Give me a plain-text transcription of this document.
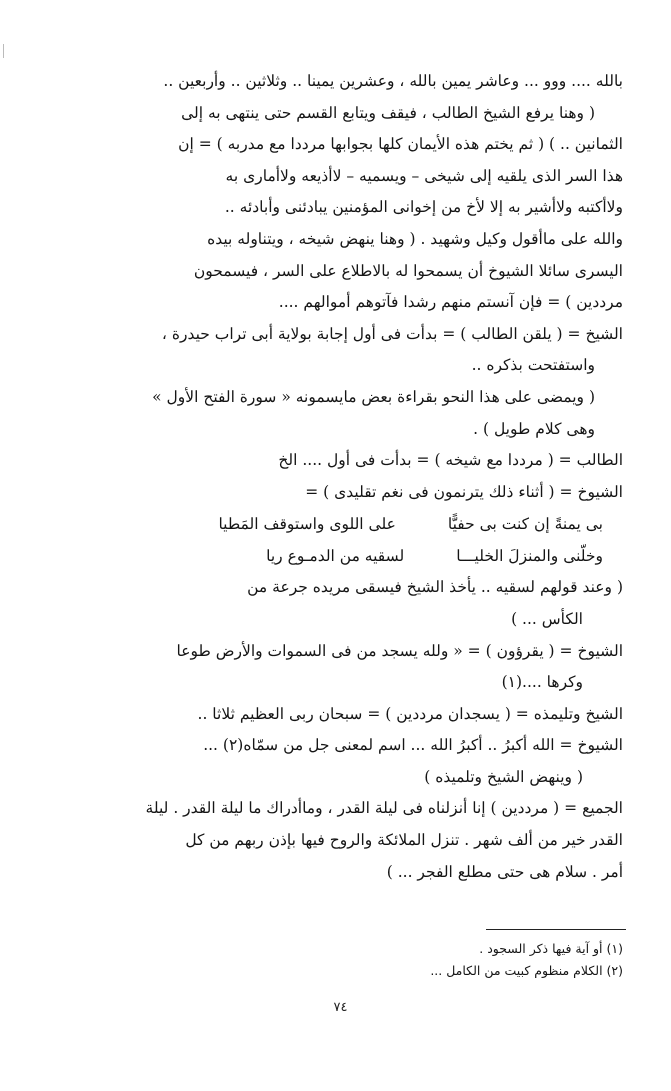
بالله .... ووو ... وعاشر يمين بالله ، وعشرين يمينا .. وثلاثين .. وأربعين ..
( وهنا يرفع الشيخ الطالب ، فيقف ويتابع القسم حتى ينتهى به إلى
الثمانين .. ) ( ثم يختم هذه الأيمان كلها بجوابها مرددا مع مدربه ) = إن
هذا السر الذى يلقيه إلى شيخى – ويسميه – لاأذيعه ولاأمارى به
ولاأكتبه ولاأشير به إلا لأخ من إخوانى المؤمنين يبادئنى وأبادئه ..
والله على ماأقول وكيل وشهيد . ( وهنا ينهض شيخه ، ويتناوله بيده
اليسرى سائلا الشيوخ أن يسمحوا له بالاطلاع على السر ، فيسمحون
مرددين ) = فإن آنستم منهم رشدا فآتوهم أموالهم ....
الشيخ = ( يلقن الطالب ) = بدأت فى أول إجابة بولاية أبى تراب حيدرة ،
واستفتحت بذكره ..
( ويمضى على هذا النحو بقراءة بعض مايسمونه « سورة الفتح الأول »
وهى كلام طويل ) .
الطالب = ( مرددا مع شيخه ) = بدأت فى أول .... الخ
الشيوخ = ( أثناء ذلك يترنمون فى نغم تقليدى ) =
بى يمنةً إن كنت بى حفيًّا
على اللوى واستوقف المَطيا
وخلّنى والمنزلَ الخليـــا
لسقيه من الدمـوع ريا
( وعند قولهم لسقيه .. يأخذ الشيخ فيسقى مريده جرعة من
الكأس ... )
الشيوخ = ( يقرؤون ) = « ولله يسجد من فى السموات والأرض طوعا
وكرها ....(١)
الشيخ وتليمذه = ( يسجدان مرددين ) = سبحان ربى العظيم ثلاثا ..
الشيوخ = الله أكبرُ .. أكبرُ الله ... اسم لمعنى جل من سمّاه(٢) ...
( وينهض الشيخ وتلميذه )
الجميع = ( مرددين ) إنا أنزلناه فى ليلة القدر ، وماأدراك ما ليلة القدر . ليلة
القدر خير من ألف شهر . تنزل الملائكة والروح فيها بإذن ربهم من كل
أمر . سلام هى حتى مطلع الفجر ... )
(١) أو آية فيها ذكر السجود .
(٢) الكلام منظوم كبيت من الكامل ...
٧٤
